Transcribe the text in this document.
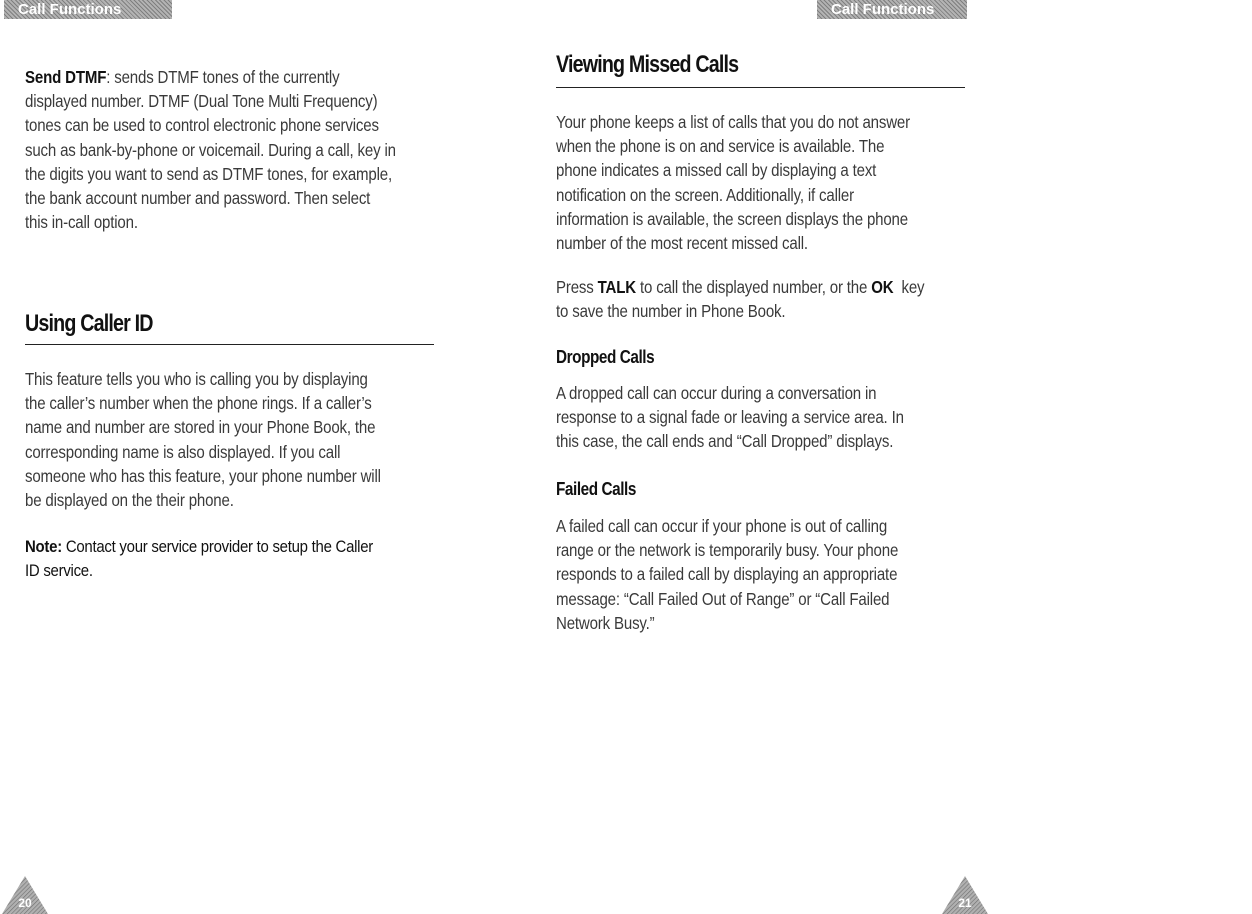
Call Functions	Call Functions
Send DTMF: sends DTMF tones of the currently
displayed number. DTMF (Dual Tone Multi Frequency)
tones can be used to control electronic phone services
such as bank-by-phone or voicemail. During a call, key in
the digits you want to send as DTMF tones, for example,
the bank account number and password. Then select
this in-call option.
Using Caller ID
This feature tells you who is calling you by displaying
the caller’s number when the phone rings. If a caller’s
name and number are stored in your Phone Book, the
corresponding name is also displayed. If you call
someone who has this feature, your phone number will
be displayed on the their phone.
Note: Contact your service provider to setup the Caller
ID service.
Viewing Missed Calls
Your phone keeps a list of calls that you do not answer
when the phone is on and service is available. The
phone indicates a missed call by displaying a text
notification on the screen. Additionally, if caller
information is available, the screen displays the phone
number of the most recent missed call.
Press TALK to call the displayed number, or the OK key
to save the number in Phone Book.
Dropped Calls
A dropped call can occur during a conversation in
response to a signal fade or leaving a service area. In
this case, the call ends and “Call Dropped” displays.
Failed Calls
A failed call can occur if your phone is out of calling
range or the network is temporarily busy. Your phone
responds to a failed call by displaying an appropriate
message: “Call Failed Out of Range” or “Call Failed
Network Busy.”
20	21
